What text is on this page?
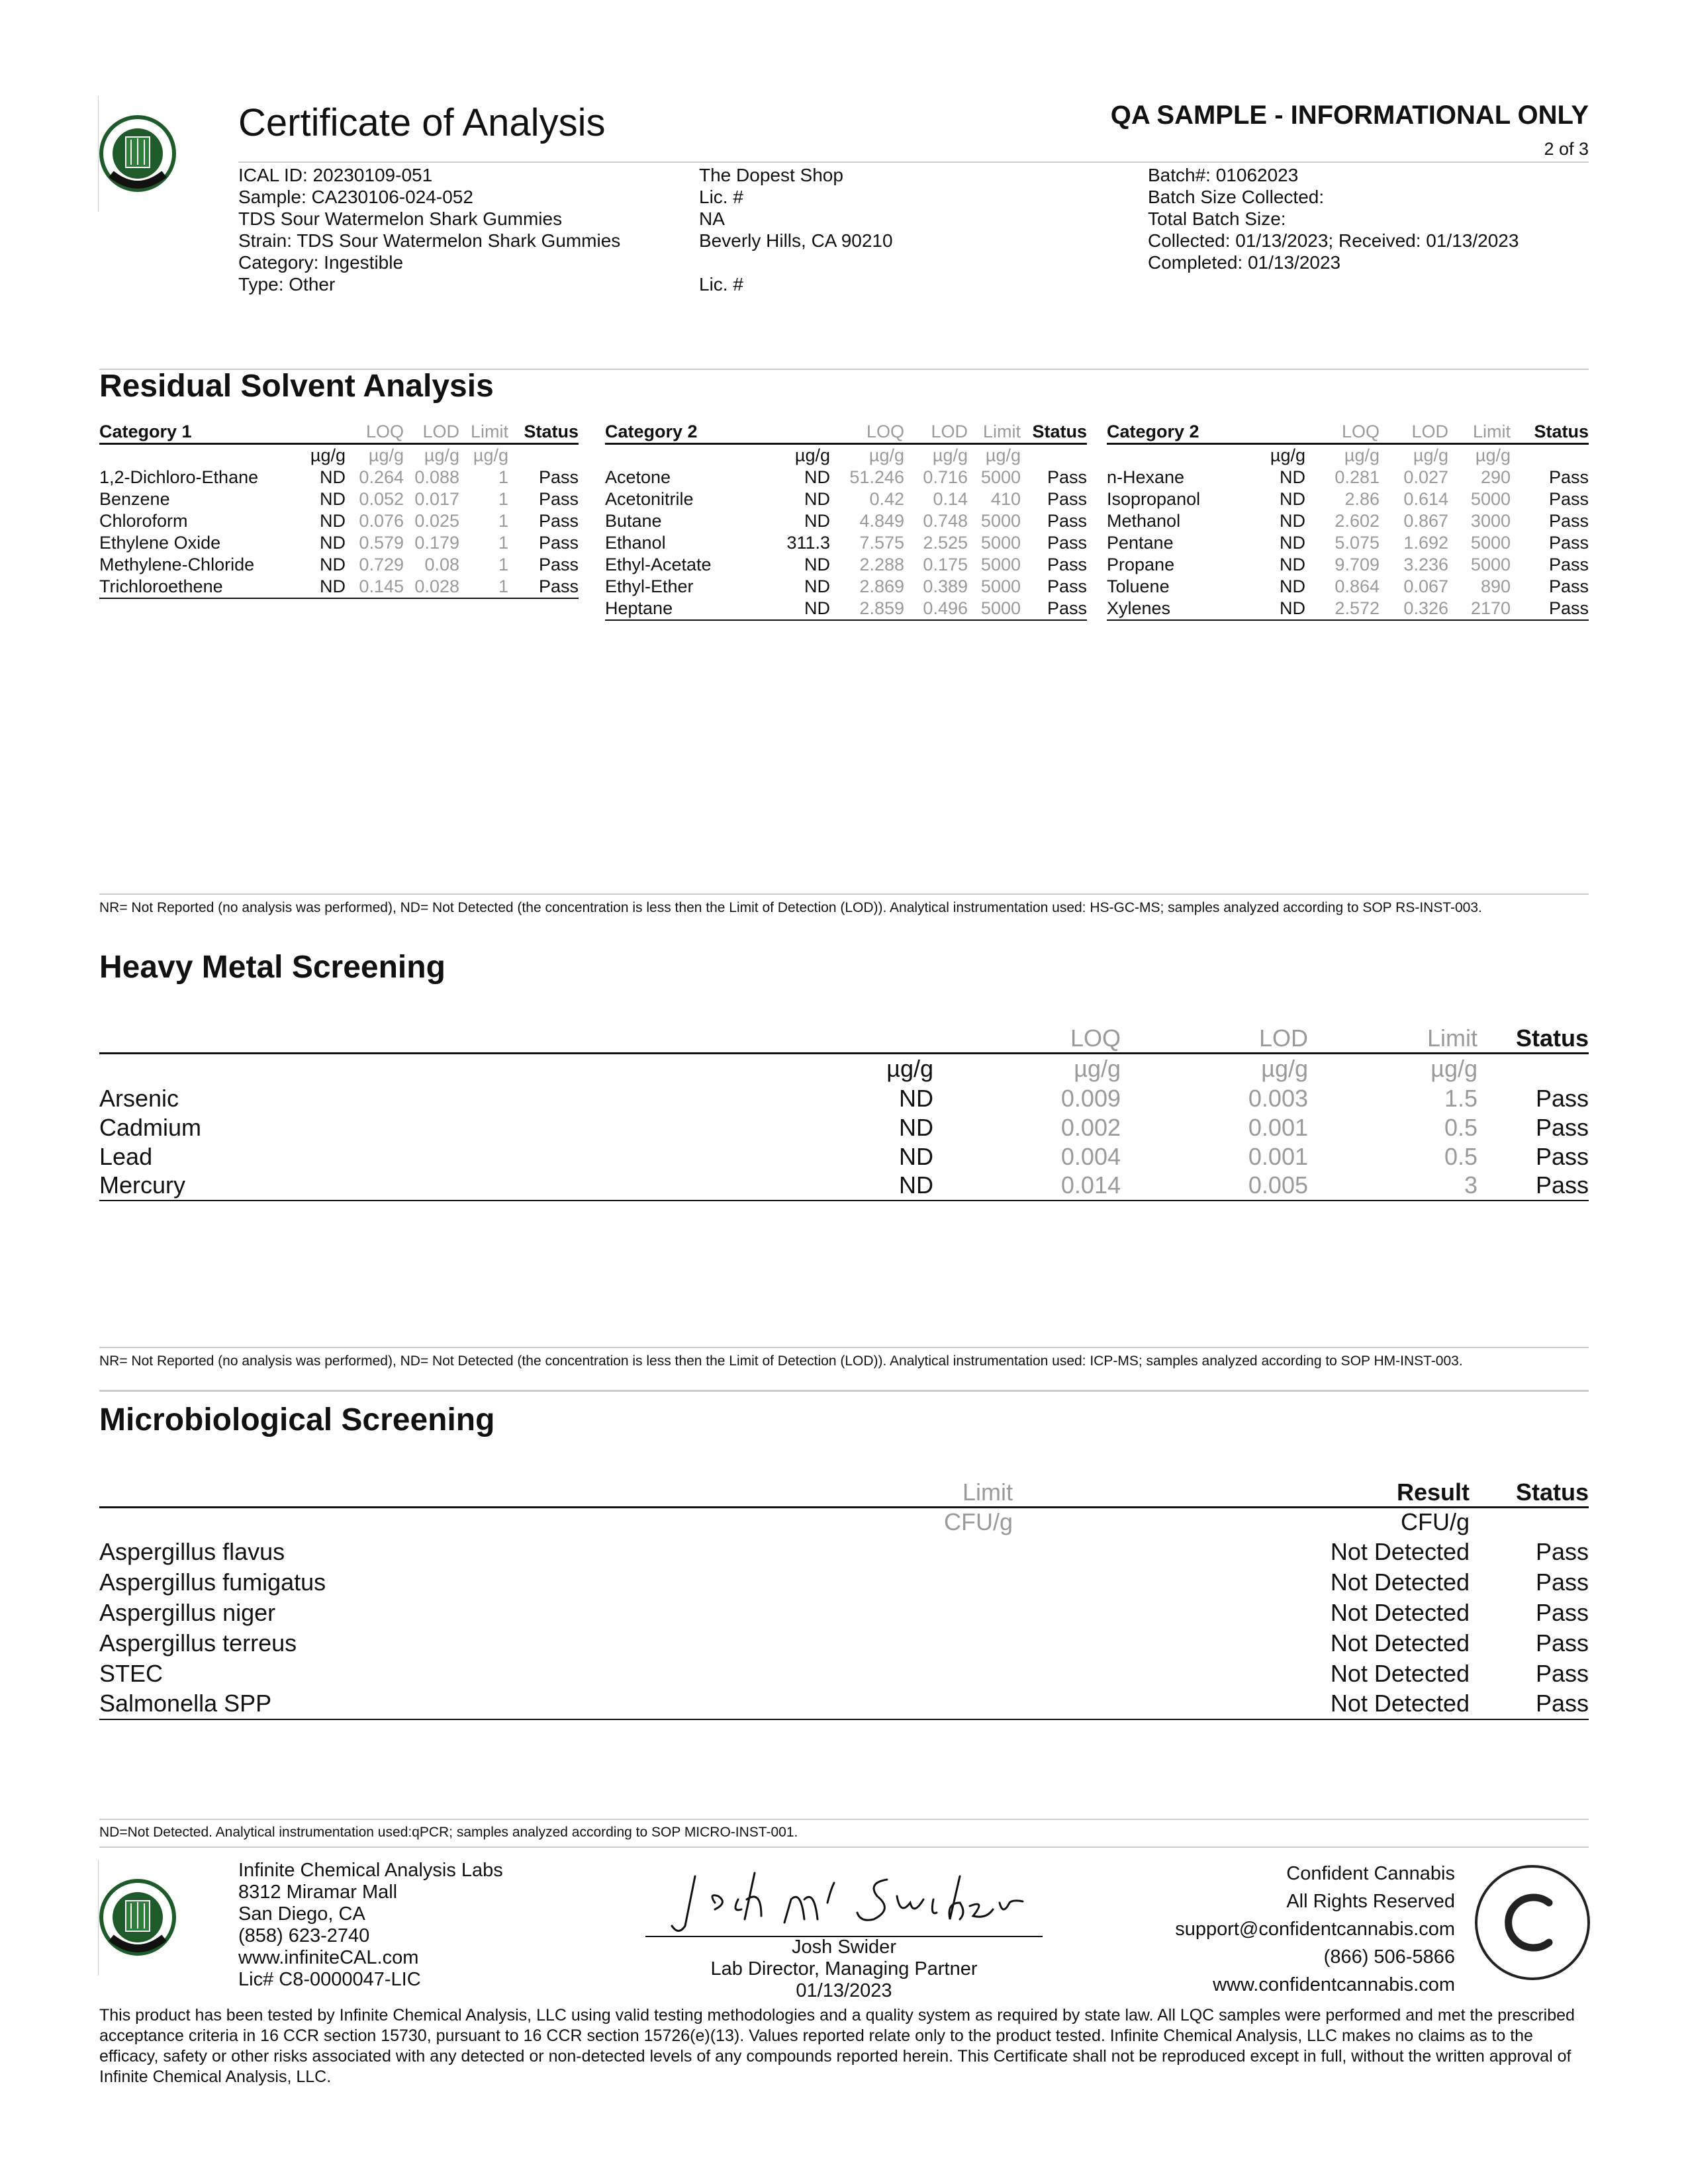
Certificate of Analysis	QA SAMPLE - INFORMATIONAL ONLY
2 of 3
ICAL ID: 20230109-051
Sample: CA230106-024-052
TDS Sour Watermelon Shark Gummies
Strain: TDS Sour Watermelon Shark Gummies
Category: Ingestible
Type: Other
The Dopest Shop
Lic. #
NA
Beverly Hills, CA 90210
Lic. #
Batch#: 01062023
Batch Size Collected:
Total Batch Size:
Collected: 01/13/2023; Received: 01/13/2023
Completed: 01/13/2023
Residual Solvent Analysis
Category 1		LOQ	LOD	Limit	Status
	µg/g	µg/g	µg/g	µg/g	
1,2-Dichloro-Ethane	ND	0.264	0.088	1	Pass
Benzene	ND	0.052	0.017	1	Pass
Chloroform	ND	0.076	0.025	1	Pass
Ethylene Oxide	ND	0.579	0.179	1	Pass
Methylene-Chloride	ND	0.729	0.08	1	Pass
Trichloroethene	ND	0.145	0.028	1	Pass
Category 2		LOQ	LOD	Limit	Status
	µg/g	µg/g	µg/g	µg/g	
Acetone	ND	51.246	0.716	5000	Pass
Acetonitrile	ND	0.42	0.14	410	Pass
Butane	ND	4.849	0.748	5000	Pass
Ethanol	311.3	7.575	2.525	5000	Pass
Ethyl-Acetate	ND	2.288	0.175	5000	Pass
Ethyl-Ether	ND	2.869	0.389	5000	Pass
Heptane	ND	2.859	0.496	5000	Pass
Category 2		LOQ	LOD	Limit	Status
	µg/g	µg/g	µg/g	µg/g	
n-Hexane	ND	0.281	0.027	290	Pass
Isopropanol	ND	2.86	0.614	5000	Pass
Methanol	ND	2.602	0.867	3000	Pass
Pentane	ND	5.075	1.692	5000	Pass
Propane	ND	9.709	3.236	5000	Pass
Toluene	ND	0.864	0.067	890	Pass
Xylenes	ND	2.572	0.326	2170	Pass
NR= Not Reported (no analysis was performed), ND= Not Detected (the concentration is less then the Limit of Detection (LOD)). Analytical instrumentation used: HS-GC-MS; samples analyzed according to SOP RS-INST-003.
Heavy Metal Screening
		LOQ	LOD	Limit	Status
	µg/g	µg/g	µg/g	µg/g	
Arsenic	ND	0.009	0.003	1.5	Pass
Cadmium	ND	0.002	0.001	0.5	Pass
Lead	ND	0.004	0.001	0.5	Pass
Mercury	ND	0.014	0.005	3	Pass
NR= Not Reported (no analysis was performed), ND= Not Detected (the concentration is less then the Limit of Detection (LOD)). Analytical instrumentation used: ICP-MS; samples analyzed according to SOP HM-INST-003.
Microbiological Screening
	Limit	Result	Status
	CFU/g	CFU/g	
Aspergillus flavus		Not Detected	Pass
Aspergillus fumigatus		Not Detected	Pass
Aspergillus niger		Not Detected	Pass
Aspergillus terreus		Not Detected	Pass
STEC		Not Detected	Pass
Salmonella SPP		Not Detected	Pass
ND=Not Detected. Analytical instrumentation used:qPCR; samples analyzed according to SOP MICRO-INST-001.
Infinite Chemical Analysis Labs
8312 Miramar Mall
San Diego, CA
(858) 623-2740
www.infiniteCAL.com
Lic# C8-0000047-LIC
Josh Swider
Lab Director, Managing Partner
01/13/2023
Confident Cannabis
All Rights Reserved
support@confidentcannabis.com
(866) 506-5866
www.confidentcannabis.com
This product has been tested by Infinite Chemical Analysis, LLC using valid testing methodologies and a quality system as required by state law. All LQC samples were performed and met the prescribed acceptance criteria in 16 CCR section 15730, pursuant to 16 CCR section 15726(e)(13). Values reported relate only to the product tested. Infinite Chemical Analysis, LLC makes no claims as to the efficacy, safety or other risks associated with any detected or non-detected levels of any compounds reported herein. This Certificate shall not be reproduced except in full, without the written approval of Infinite Chemical Analysis, LLC.
